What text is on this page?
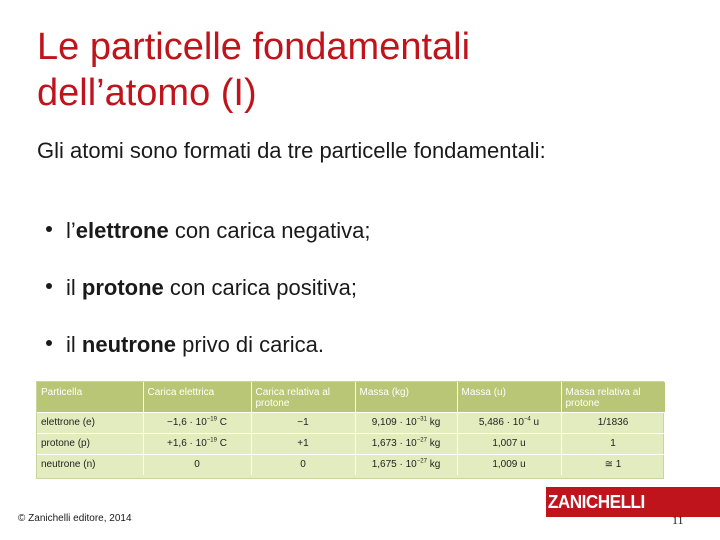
Le particelle fondamentali
dell’atomo (I)
Gli atomi sono formati da tre particelle fondamentali:
l’elettrone con carica negativa;
il protone con carica positiva;
il neutrone privo di carica.
Particella	Carica elettrica	Carica relativa al protone	Massa (kg)	Massa (u)	Massa relativa al protone
elettrone (e)	$-1,6 \cdot 10^{-19}$ C	−1	$9,109 \cdot 10^{-31}$ kg	$5,486 \cdot 10^{-4}$ u	1/1836
protone (p)	$+1,6 \cdot 10^{-19}$ C	+1	$1,673 \cdot 10^{-27}$ kg	1,007 u	1
neutrone (n)	0	0	$1,675 \cdot 10^{-27}$ kg	1,009 u	≅ 1
© Zanichelli editore, 2014
ZANICHELLI
11
